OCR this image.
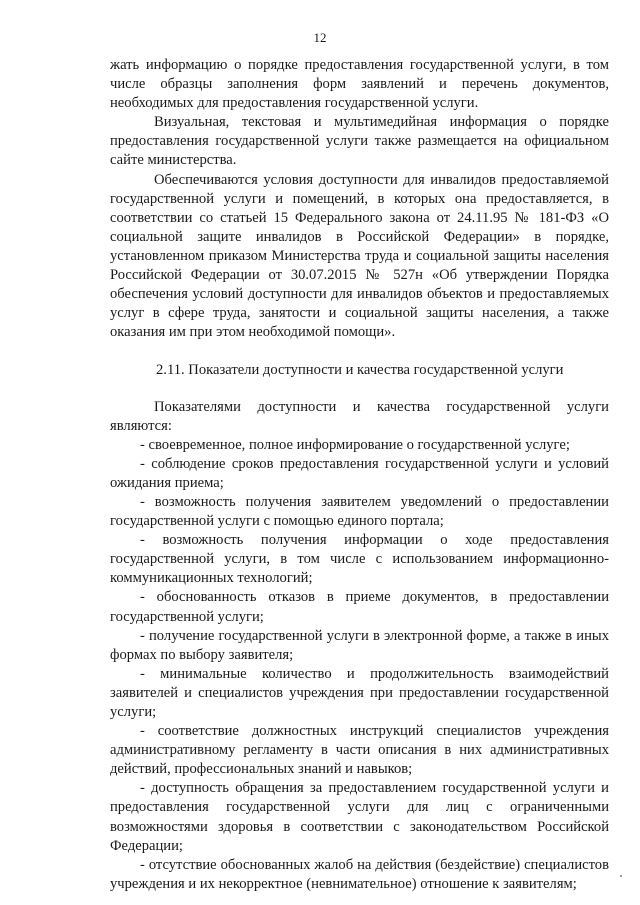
12

жать информацию о порядке предоставления государственной услуги, в том числе образцы заполнения форм заявлений и перечень документов, необходимых для предоставления государственной услуги.

Визуальная, текстовая и мультимедийная информация о порядке предоставления государственной услуги также размещается на официальном сайте министерства.

Обеспечиваются условия доступности для инвалидов предоставляемой государственной услуги и помещений, в которых она предоставляется, в соответствии со статьей 15 Федерального закона от 24.11.95 № 181-ФЗ «О социальной защите инвалидов в Российской Федерации» в порядке, установленном приказом Министерства труда и социальной защиты населения Российской Федерации от 30.07.2015 № 527н «Об утверждении Порядка обеспечения условий доступности для инвалидов объектов и предоставляемых услуг в сфере труда, занятости и социальной защиты населения, а также оказания им при этом необходимой помощи».

2.11. Показатели доступности и качества государственной услуги

Показателями доступности и качества государственной услуги являются:

- своевременное, полное информирование о государственной услуге;

- соблюдение сроков предоставления государственной услуги и условий ожидания приема;

- возможность получения заявителем уведомлений о предоставлении государственной услуги с помощью единого портала;

- возможность получения информации о ходе предоставления государственной услуги, в том числе с использованием информационно-коммуникационных технологий;

- обоснованность отказов в приеме документов, в предоставлении государственной услуги;

- получение государственной услуги в электронной форме, а также в иных формах по выбору заявителя;

- минимальные количество и продолжительность взаимодействий заявителей и специалистов учреждения при предоставлении государственной услуги;

- соответствие должностных инструкций специалистов учреждения административному регламенту в части описания в них административных действий, профессиональных знаний и навыков;

- доступность обращения за предоставлением государственной услуги и предоставления государственной услуги для лиц с ограниченными возможностями здоровья в соответствии с законодательством Российской Федерации;

- отсутствие обоснованных жалоб на действия (бездействие) специалистов учреждения и их некорректное (невнимательное) отношение к заявителям;
